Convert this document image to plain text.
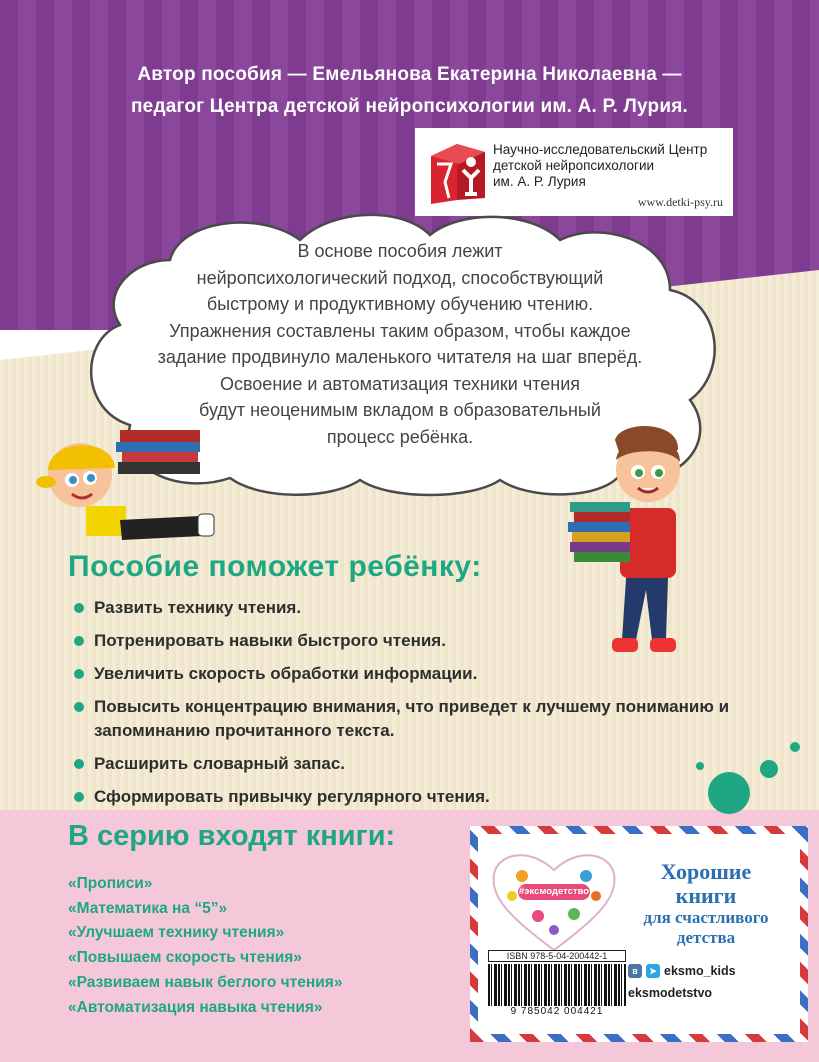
Автор пособия — Емельянова Екатерина Николаевна —
педагог Центра детской нейропсихологии им. А. Р. Лурия.
Научно-исследовательский Центр
детской нейропсихологии
им. А. Р. Лурия
www.detki-psy.ru
В основе пособия лежит
нейропсихологический подход, способствующий
быстрому и продуктивному обучению чтению.
Упражнения составлены таким образом, чтобы каждое
задание продвинуло маленького читателя на шаг вперёд.
Освоение и автоматизация техники чтения
будут неоценимым вкладом в образовательный
процесс ребёнка.
Пособие поможет ребёнку:
Развить технику чтения.
Потренировать навыки быстрого чтения.
Увеличить скорость обработки информации.
Повысить концентрацию внимания, что приведет к лучшему пониманию и запоминанию прочитанного текста.
Расширить словарный запас.
Сформировать привычку регулярного чтения.
В серию входят книги:
«Прописи»
«Математика на “5”»
«Улучшаем технику чтения»
«Повышаем скорость чтения»
«Развиваем навык беглого чтения»
«Автоматизация навыка чтения»
#эксмодетство
Хорошие
книги
для счастливого
детства
ISBN 978-5-04-200442-1
9 785042 004421
в	➤ eksmo_kids
eksmodetstvo
